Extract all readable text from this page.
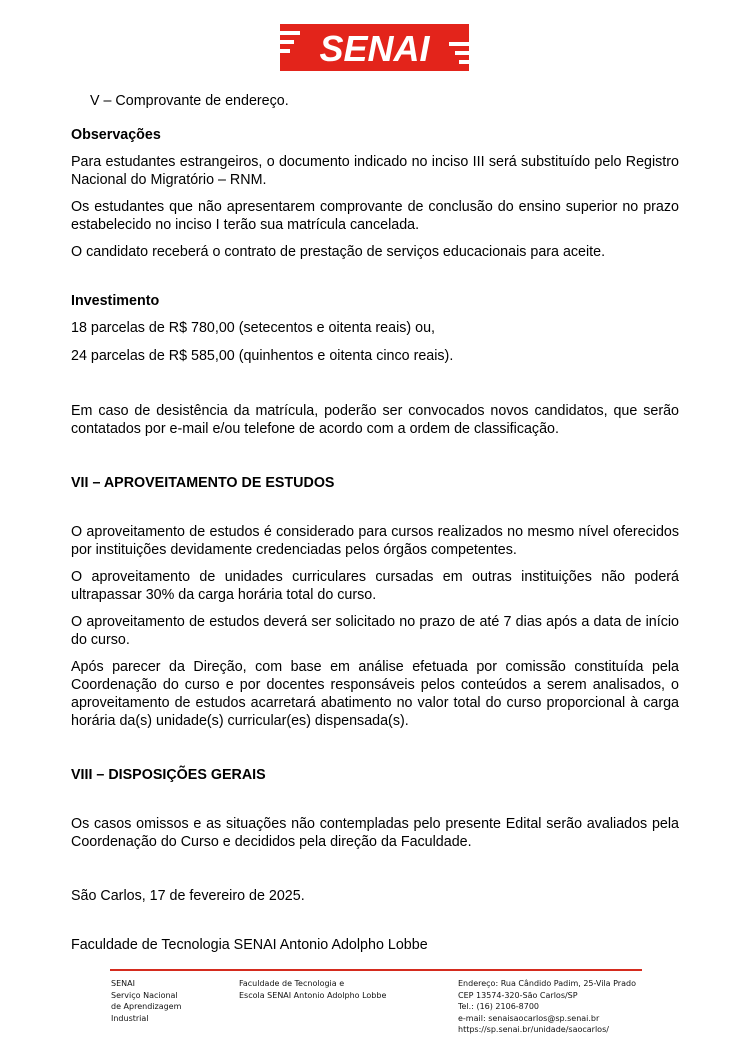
SENAI
V – Comprovante de endereço.
Observações
Para estudantes estrangeiros, o documento indicado no inciso III será substituído pelo Registro Nacional do Migratório – RNM.
Os estudantes que não apresentarem comprovante de conclusão do ensino superior no prazo estabelecido no inciso I terão sua matrícula cancelada.
O candidato receberá o contrato de prestação de serviços educacionais para aceite.
Investimento
18 parcelas de R$ 780,00 (setecentos e oitenta reais) ou,
24 parcelas de R$ 585,00 (quinhentos e oitenta cinco reais).
Em caso de desistência da matrícula, poderão ser convocados novos candidatos, que serão contatados por e-mail e/ou telefone de acordo com a ordem de classificação.
VII – APROVEITAMENTO DE ESTUDOS
O aproveitamento de estudos é considerado para cursos realizados no mesmo nível oferecidos por instituições devidamente credenciadas pelos órgãos competentes.
O aproveitamento de unidades curriculares cursadas em outras instituições não poderá ultrapassar 30% da carga horária total do curso.
O aproveitamento de estudos deverá ser solicitado no prazo de até 7 dias após a data de início do curso.
Após parecer da Direção, com base em análise efetuada por comissão constituída pela Coordenação do curso e por docentes responsáveis pelos conteúdos a serem analisados, o aproveitamento de estudos acarretará abatimento no valor total do curso proporcional à carga horária da(s) unidade(s) curricular(es) dispensada(s).
VIII – DISPOSIÇÕES GERAIS
Os casos omissos e as situações não contempladas pelo presente Edital serão avaliados pela Coordenação do Curso e decididos pela direção da Faculdade.
São Carlos, 17 de fevereiro de 2025.
Faculdade de Tecnologia SENAI Antonio Adolpho Lobbe
SENAI
Serviço Nacional
de Aprendizagem
Industrial
Faculdade de Tecnologia e
Escola SENAI Antonio Adolpho Lobbe
Endereço: Rua Cândido Padim, 25-Vila Prado
CEP 13574-320-São Carlos/SP
Tel.: (16) 2106-8700
e-mail: senaisaocarlos@sp.senai.br
https://sp.senai.br/unidade/saocarlos/
